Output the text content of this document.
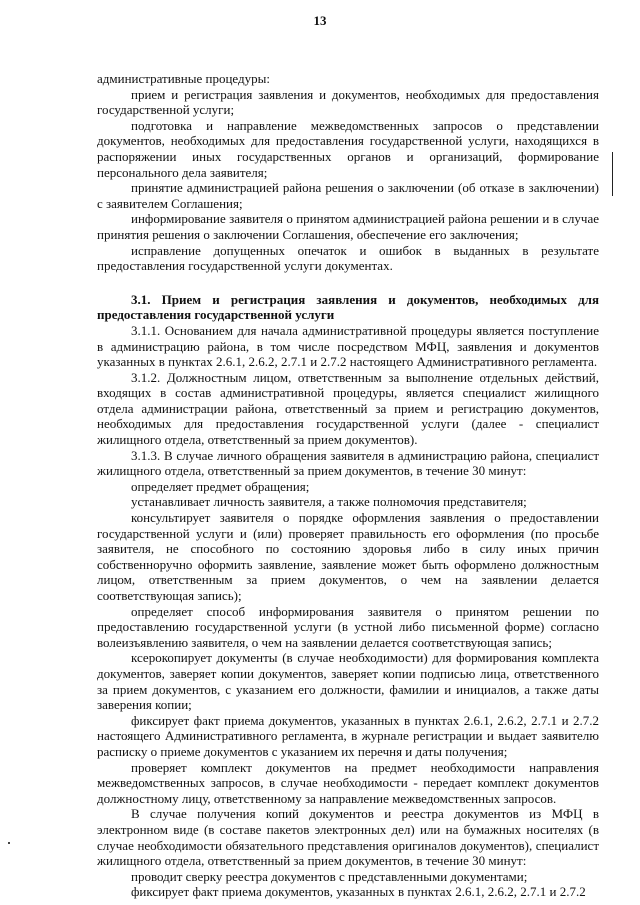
13

административные процедуры:

прием и регистрация заявления и документов, необходимых для предоставления государственной услуги;

подготовка и направление межведомственных запросов о представлении документов, необходимых для предоставления государственной услуги, находящихся в распоряжении иных государственных органов и организаций, формирование персонального дела заявителя;

принятие администрацией района решения о заключении (об отказе в заключении) с заявителем Соглашения;

информирование заявителя о принятом администрацией района решении и в случае принятия решения о заключении Соглашения, обеспечение его заключения;

исправление допущенных опечаток и ошибок в выданных в результате предоставления государственной услуги документах.

3.1. Прием и регистрация заявления и документов, необходимых для предоставления государственной услуги

3.1.1. Основанием для начала административной процедуры является поступление в администрацию района, в том числе посредством МФЦ, заявления и документов указанных в пунктах 2.6.1, 2.6.2, 2.7.1 и 2.7.2 настоящего Административного регламента.

3.1.2. Должностным лицом, ответственным за выполнение отдельных действий, входящих в состав административной процедуры, является специалист жилищного отдела администрации района, ответственный за прием и регистрацию документов, необходимых для предоставления государственной услуги (далее - специалист жилищного отдела, ответственный за прием документов).

3.1.3. В случае личного обращения заявителя в администрацию района, специалист жилищного отдела, ответственный за прием документов, в течение 30 минут:

определяет предмет обращения;

устанавливает личность заявителя, а также полномочия представителя;

консультирует заявителя о порядке оформления заявления о предоставлении государственной услуги и (или) проверяет правильность его оформления (по просьбе заявителя, не способного по состоянию здоровья либо в силу иных причин собственноручно оформить заявление, заявление может быть оформлено должностным лицом, ответственным за прием документов, о чем на заявлении делается соответствующая запись);

определяет способ информирования заявителя о принятом решении по предоставлению государственной услуги (в устной либо письменной форме) согласно волеизъявлению заявителя, о чем на заявлении делается соответствующая запись;

ксерокопирует документы (в случае необходимости) для формирования комплекта документов, заверяет копии документов, заверяет копии подписью лица, ответственного за прием документов, с указанием его должности, фамилии и инициалов, а также даты заверения копии;

фиксирует факт приема документов, указанных в пунктах 2.6.1, 2.6.2, 2.7.1 и 2.7.2 настоящего Административного регламента, в журнале регистрации и выдает заявителю расписку о приеме документов с указанием их перечня и даты получения;

проверяет комплект документов на предмет необходимости направления межведомственных запросов, в случае необходимости - передает комплект документов должностному лицу, ответственному за направление межведомственных запросов.

В случае получения копий документов и реестра документов из МФЦ в электронном виде (в составе пакетов электронных дел) или на бумажных носителях (в случае необходимости обязательного представления оригиналов документов), специалист жилищного отдела, ответственный за прием документов, в течение 30 минут:

проводит сверку реестра документов с представленными документами;

фиксирует факт приема документов, указанных в пунктах 2.6.1, 2.6.2, 2.7.1 и 2.7.2
